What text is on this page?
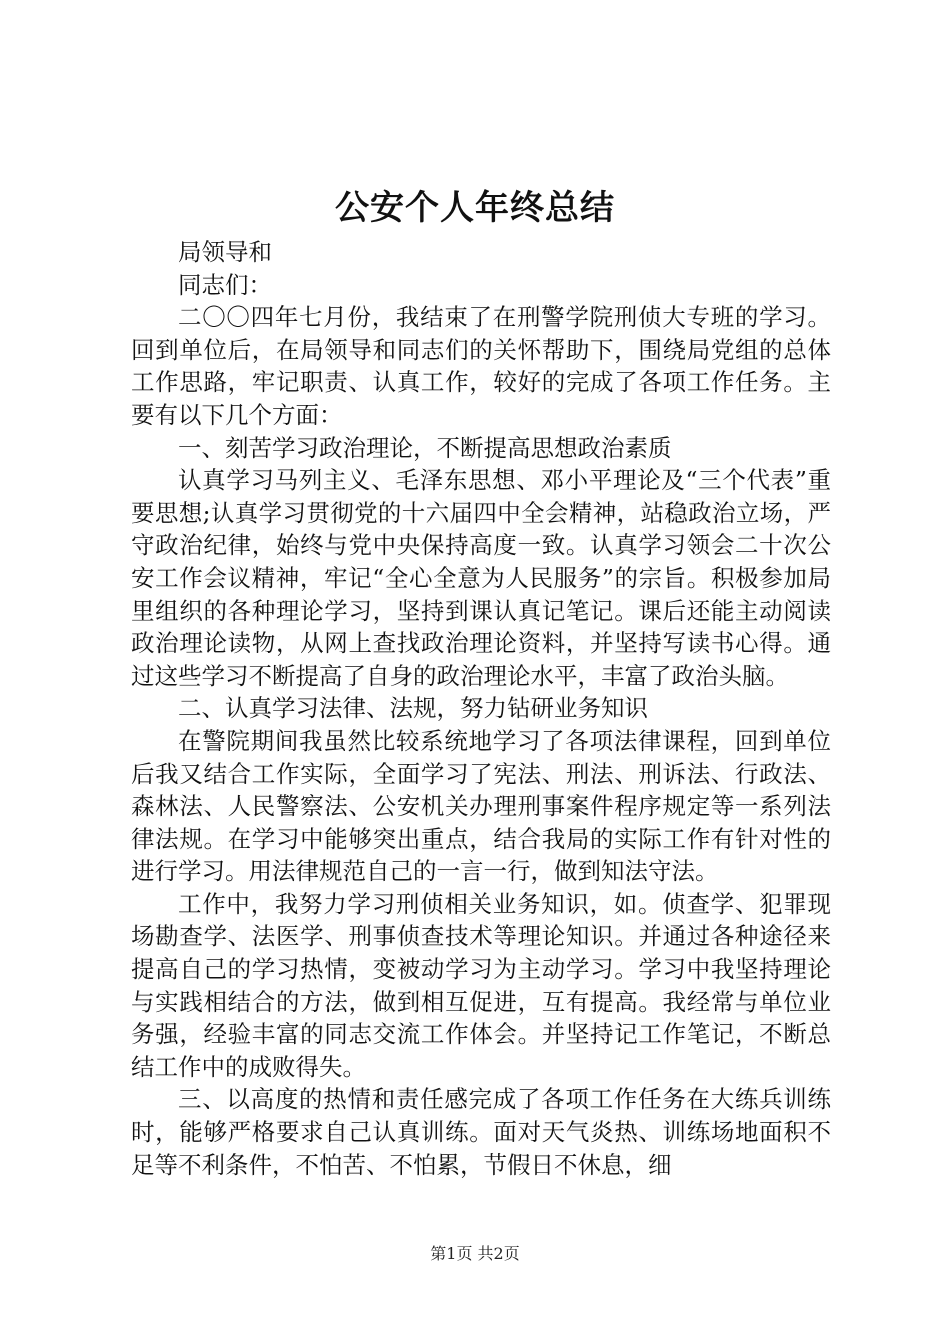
公安个人年终总结

局领导和

同志们：

二〇〇四年七月份，我结束了在刑警学院刑侦大专班的学习。回到单位后，在局领导和同志们的关怀帮助下，围绕局党组的总体工作思路，牢记职责、认真工作，较好的完成了各项工作任务。主要有以下几个方面：

一、刻苦学习政治理论，不断提高思想政治素质

认真学习马列主义、毛泽东思想、邓小平理论及“三个代表”重要思想;认真学习贯彻党的十六届四中全会精神，站稳政治立场，严守政治纪律，始终与党中央保持高度一致。认真学习领会二十次公安工作会议精神，牢记“全心全意为人民服务”的宗旨。积极参加局里组织的各种理论学习，坚持到课认真记笔记。课后还能主动阅读政治理论读物，从网上查找政治理论资料，并坚持写读书心得。通过这些学习不断提高了自身的政治理论水平，丰富了政治头脑。

二、认真学习法律、法规，努力钻研业务知识

在警院期间我虽然比较系统地学习了各项法律课程，回到单位后我又结合工作实际，全面学习了宪法、刑法、刑诉法、行政法、森林法、人民警察法、公安机关办理刑事案件程序规定等一系列法律法规。在学习中能够突出重点，结合我局的实际工作有针对性的进行学习。用法律规范自己的一言一行，做到知法守法。

工作中，我努力学习刑侦相关业务知识，如。侦查学、犯罪现场勘查学、法医学、刑事侦查技术等理论知识。并通过各种途径来提高自己的学习热情，变被动学习为主动学习。学习中我坚持理论与实践相结合的方法，做到相互促进，互有提高。我经常与单位业务强，经验丰富的同志交流工作体会。并坚持记工作笔记，不断总结工作中的成败得失。

三、以高度的热情和责任感完成了各项工作任务在大练兵训练时，能够严格要求自己认真训练。面对天气炎热、训练场地面积不足等不利条件，不怕苦、不怕累，节假日不休息，细

第1页 共2页
